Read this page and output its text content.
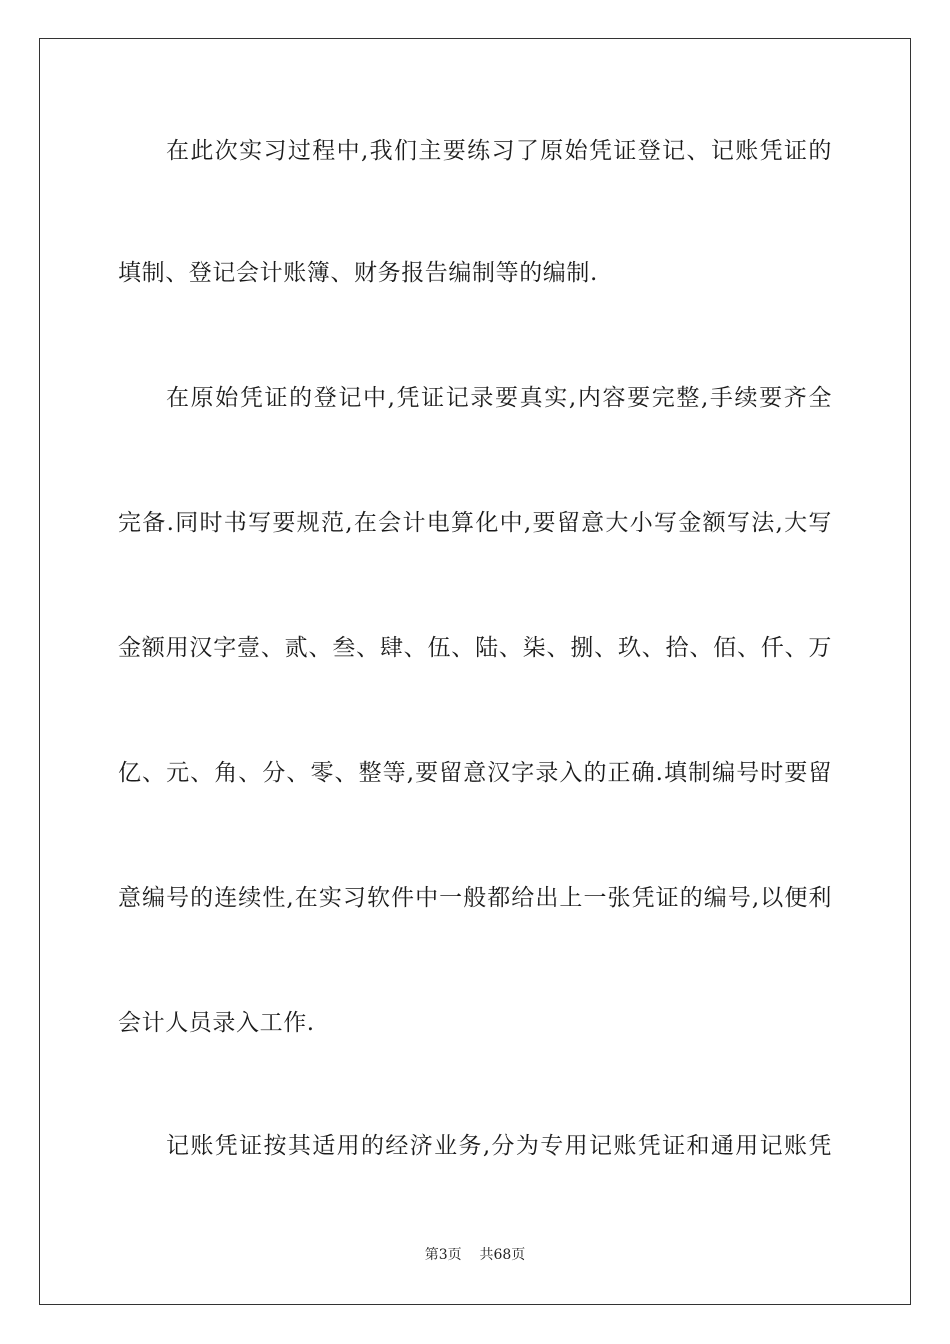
在此次实习过程中,我们主要练习了原始凭证登记、记账凭证的
填制、登记会计账簿、财务报告编制等的编制.
在原始凭证的登记中,凭证记录要真实,内容要完整,手续要齐全
完备.同时书写要规范,在会计电算化中,要留意大小写金额写法,大写
金额用汉字壹、贰、叁、肆、伍、陆、柒、捌、玖、拾、佰、仟、万
亿、元、角、分、零、整等,要留意汉字录入的正确.填制编号时要留
意编号的连续性,在实习软件中一般都给出上一张凭证的编号,以便利
会计人员录入工作.
记账凭证按其适用的经济业务,分为专用记账凭证和通用记账凭
第3页 共68页
